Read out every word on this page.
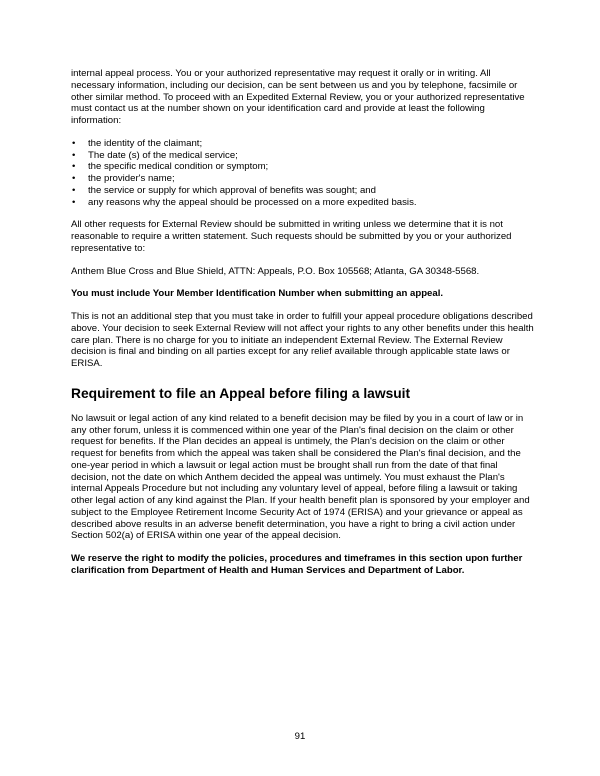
internal appeal process. You or your authorized representative may request it orally or in writing. All necessary information, including our decision, can be sent between us and you by telephone, facsimile or other similar method. To proceed with an Expedited External Review, you or your authorized representative must contact us at the number shown on your identification card and provide at least the following information:

• the identity of the claimant;
• The date (s) of the medical service;
• the specific medical condition or symptom;
• the provider's name;
• the service or supply for which approval of benefits was sought; and
• any reasons why the appeal should be processed on a more expedited basis.

All other requests for External Review should be submitted in writing unless we determine that it is not reasonable to require a written statement. Such requests should be submitted by you or your authorized representative to:

Anthem Blue Cross and Blue Shield, ATTN: Appeals, P.O. Box 105568; Atlanta, GA 30348-5568.

You must include Your Member Identification Number when submitting an appeal.

This is not an additional step that you must take in order to fulfill your appeal procedure obligations described above. Your decision to seek External Review will not affect your rights to any other benefits under this health care plan. There is no charge for you to initiate an independent External Review. The External Review decision is final and binding on all parties except for any relief available through applicable state laws or ERISA.

Requirement to file an Appeal before filing a lawsuit

No lawsuit or legal action of any kind related to a benefit decision may be filed by you in a court of law or in any other forum, unless it is commenced within one year of the Plan's final decision on the claim or other request for benefits. If the Plan decides an appeal is untimely, the Plan's decision on the claim or other request for benefits from which the appeal was taken shall be considered the Plan's final decision, and the one-year period in which a lawsuit or legal action must be brought shall run from the date of that final decision, not the date on which Anthem decided the appeal was untimely. You must exhaust the Plan's internal Appeals Procedure but not including any voluntary level of appeal, before filing a lawsuit or taking other legal action of any kind against the Plan. If your health benefit plan is sponsored by your employer and subject to the Employee Retirement Income Security Act of 1974 (ERISA) and your grievance or appeal as described above results in an adverse benefit determination, you have a right to bring a civil action under Section 502(a) of ERISA within one year of the appeal decision.

We reserve the right to modify the policies, procedures and timeframes in this section upon further clarification from Department of Health and Human Services and Department of Labor.

91
